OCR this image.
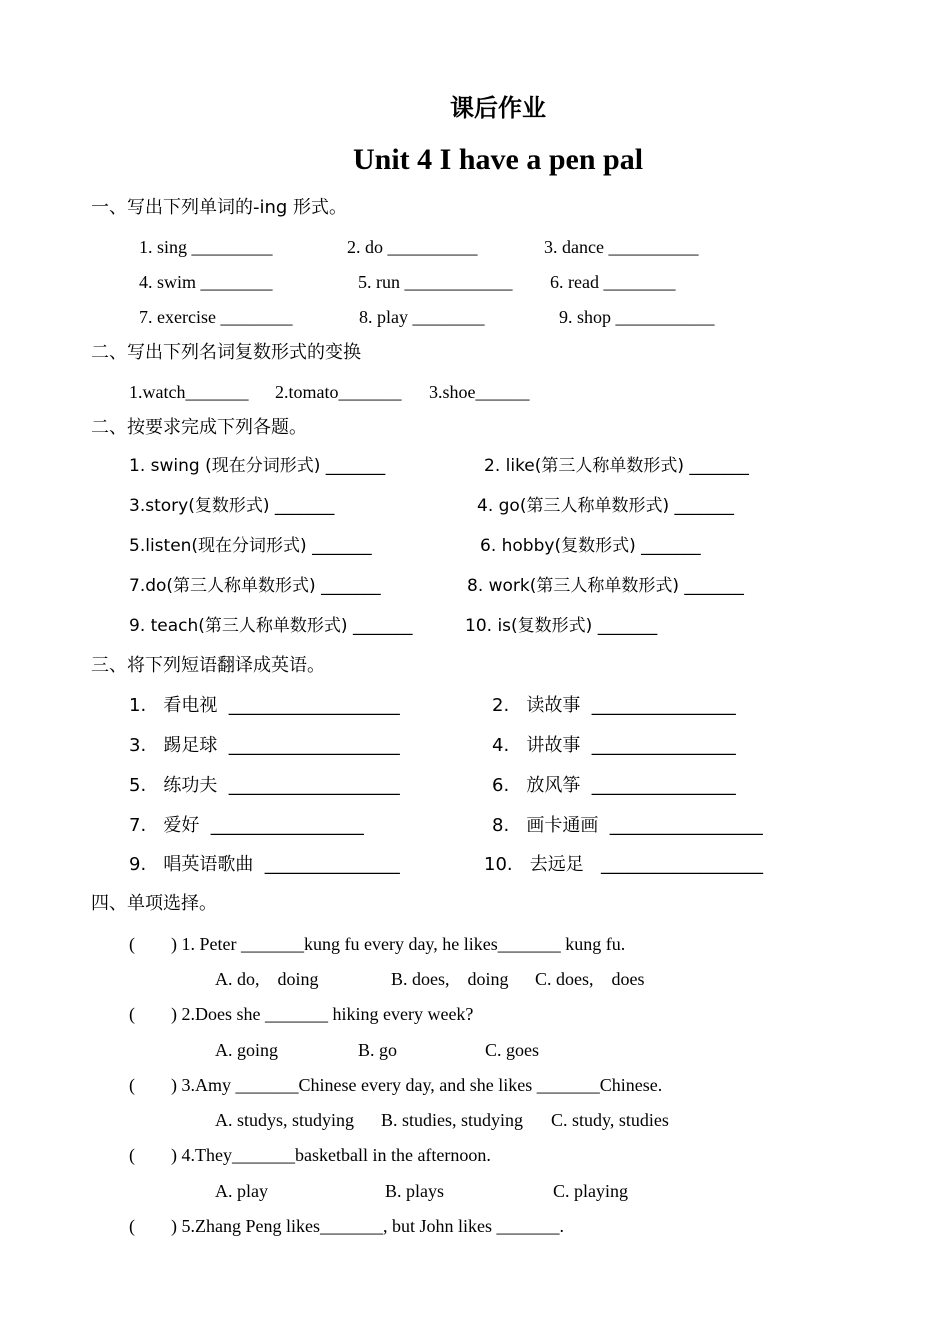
课后作业
Unit 4 I have a pen pal
一、写出下列单词的-ing 形式。
1. sing _________	2. do __________	3. dance __________
4. swim ________	5. run ____________ 6. read ________
7. exercise ________	8. play ________	9. shop ___________
二、写出下列名词复数形式的变换
1.watch_______ 2.tomato_______ 3.shoe______
二、按要求完成下列各题。
1. swing (现在分词形式) _______	2. like(第三人称单数形式) _______
3.story(复数形式) _______	4. go(第三人称单数形式) _______
5.listen(现在分词形式) _______	6. hobby(复数形式) _______
7.do(第三人称单数形式) _______	8. work(第三人称单数形式) _______
9. teach(第三人称单数形式) _______	10. is(复数形式) _______
三、将下列短语翻译成英语。
1.   看电视  ___________________	2.   读故事  ________________
3.   踢足球  ___________________	4.   讲故事  ________________
5.   练功夫  ___________________	6.   放风筝  ________________
7.   爱好  _________________	8.   画卡通画  _________________
9.   唱英语歌曲  _______________	10.   去远足   __________________
四、单项选择。
(        ) 1. Peter _______kung fu every day, he likes_______ kung fu.
A. do,    doing	B. does,    doing C. does,    does
(        ) 2.Does she _______ hiking every week?
A. going	B. go	C. goes
(        ) 3.Amy _______Chinese every day, and she likes _______Chinese.
A. studys, studying B. studies, studying C. study, studies
(        ) 4.They_______basketball in the afternoon.
A. play	B. plays	C. playing
(        ) 5.Zhang Peng likes_______, but John likes _______.
